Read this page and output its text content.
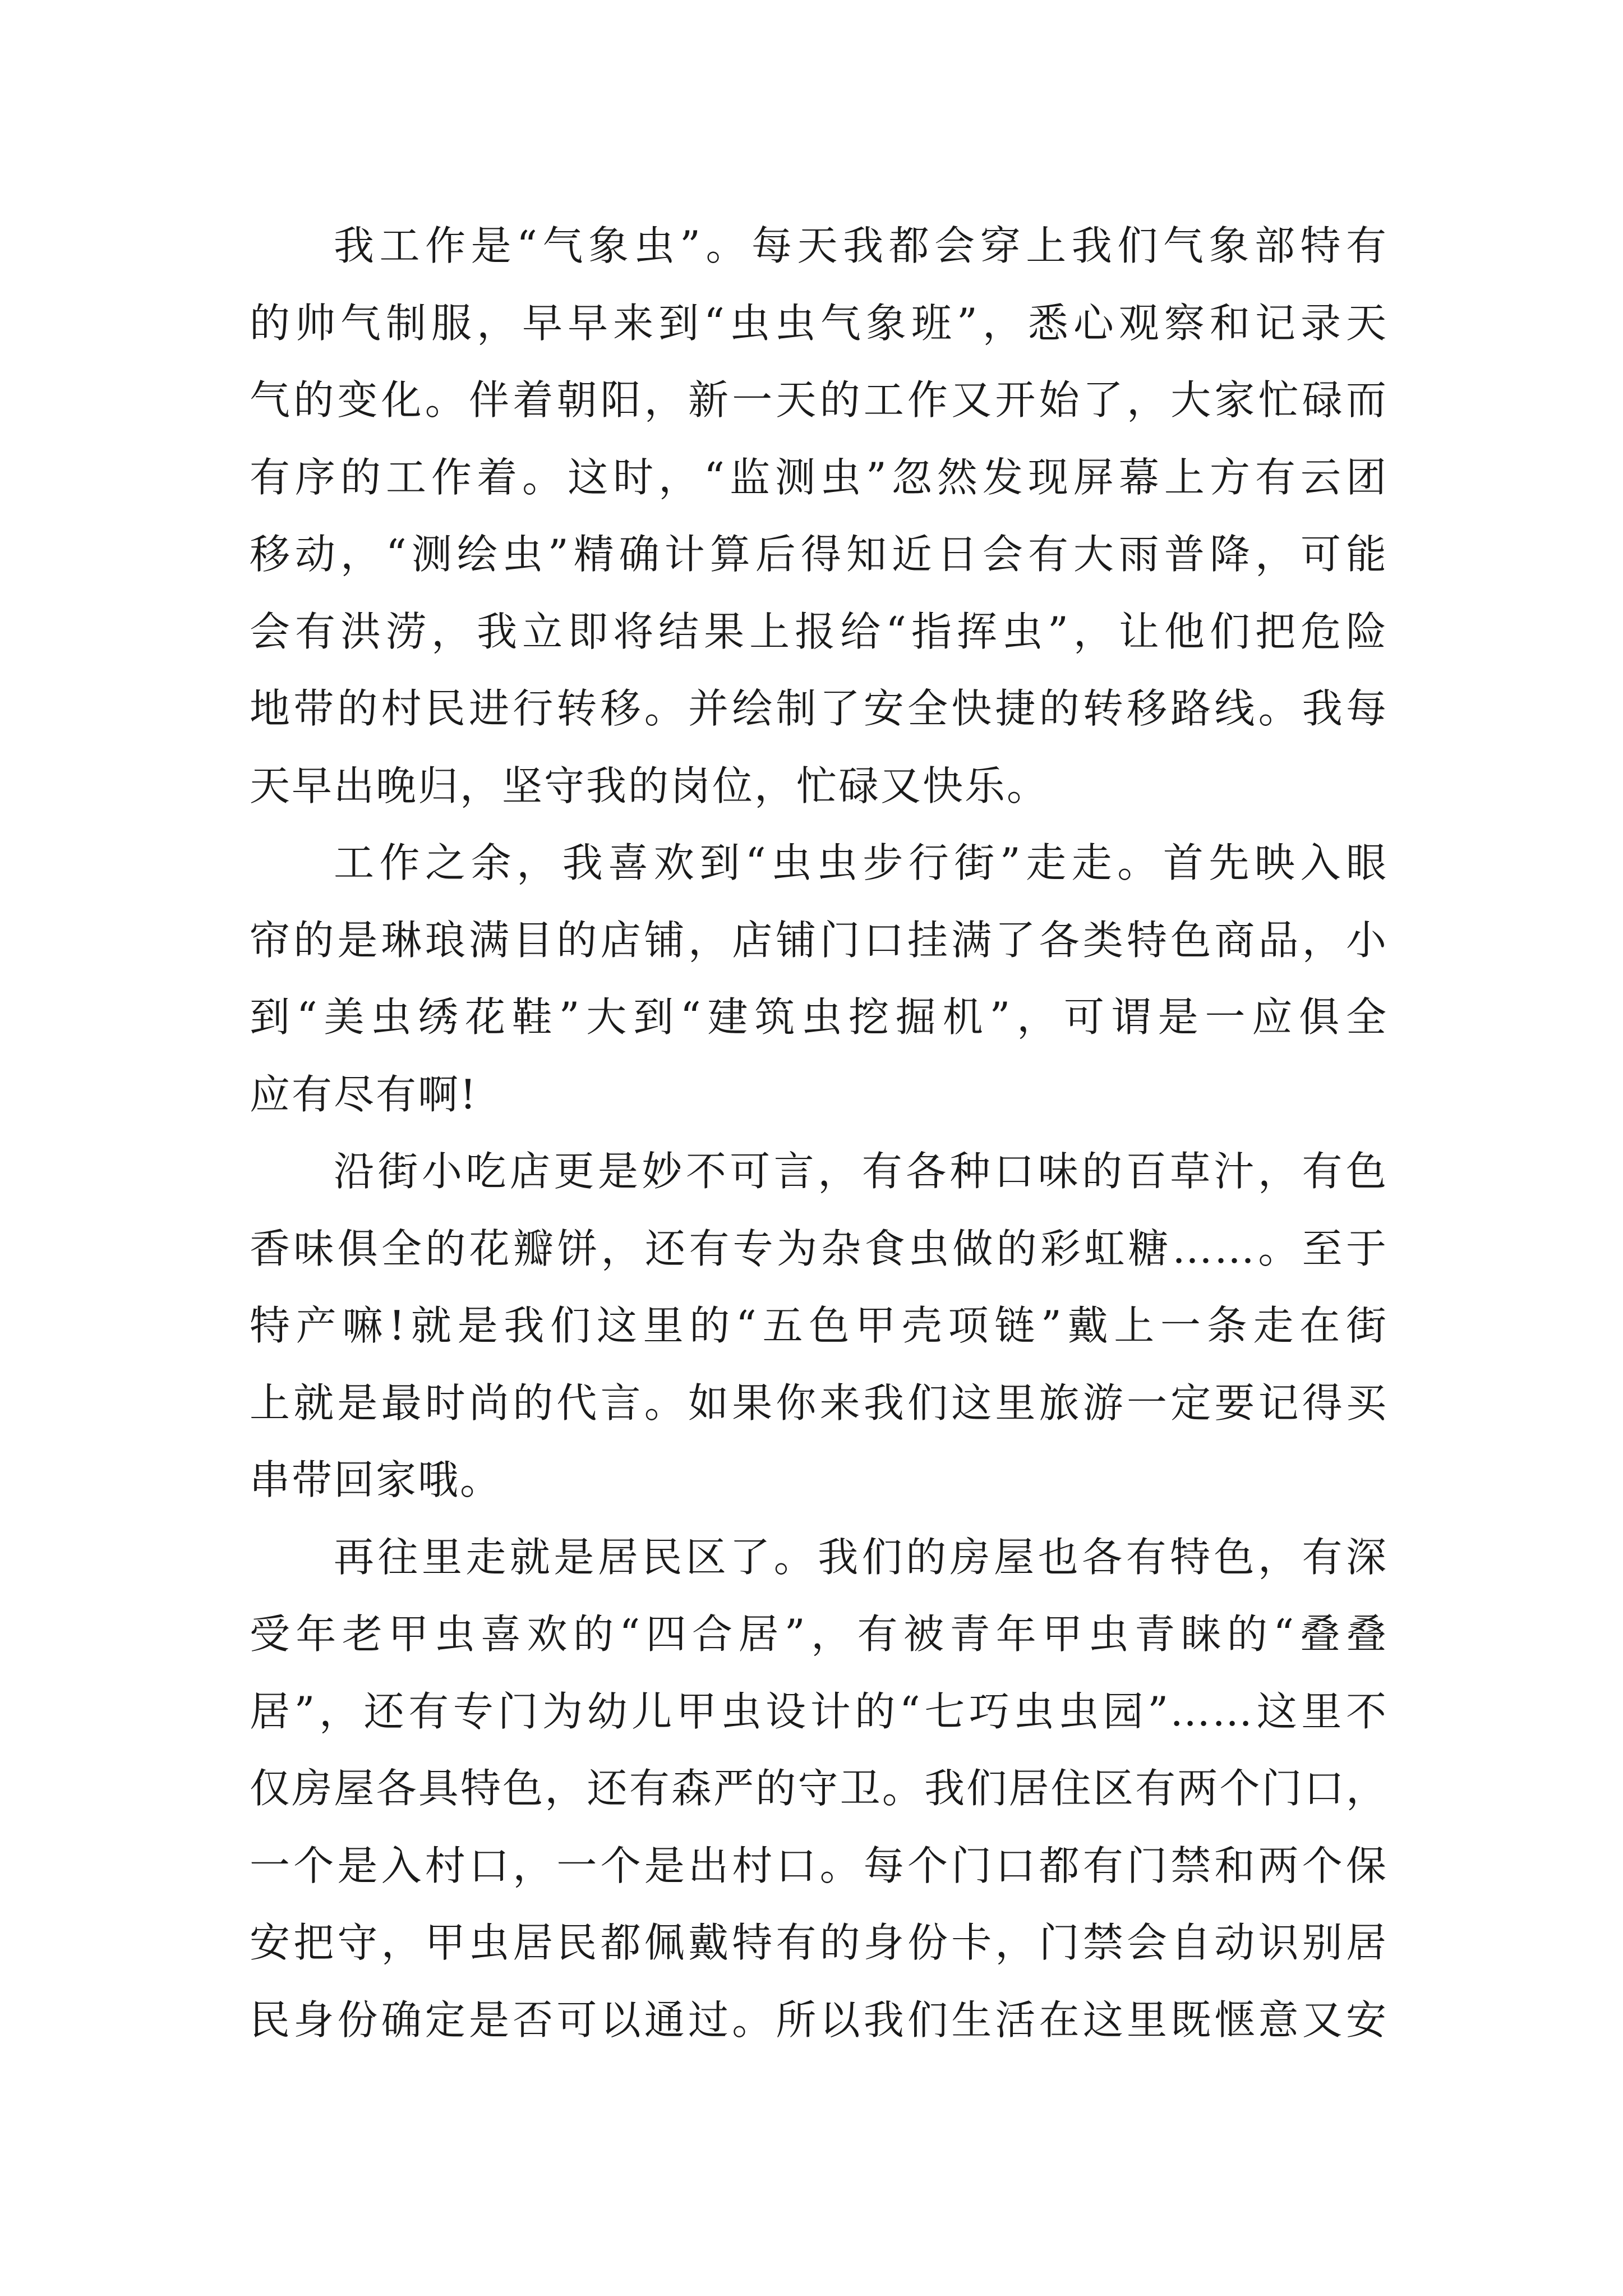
我工作是“气象虫”。每天我都会穿上我们气象部特有
的帅气制服，早早来到“虫虫气象班”，悉心观察和记录天
气的变化。伴着朝阳，新一天的工作又开始了，大家忙碌而
有序的工作着。这时，“监测虫”忽然发现屏幕上方有云团
移动，“测绘虫”精确计算后得知近日会有大雨普降，可能
会有洪涝，我立即将结果上报给“指挥虫”，让他们把危险
地带的村民进行转移。并绘制了安全快捷的转移路线。我每
天早出晚归，坚守我的岗位，忙碌又快乐。
工作之余，我喜欢到“虫虫步行街”走走。首先映入眼
帘的是琳琅满目的店铺，店铺门口挂满了各类特色商品，小
到“美虫绣花鞋”大到“建筑虫挖掘机”，可谓是一应俱全
应有尽有啊!
沿街小吃店更是妙不可言，有各种口味的百草汁，有色
香味俱全的花瓣饼，还有专为杂食虫做的彩虹糖……。至于
特产嘛!就是我们这里的“五色甲壳项链”戴上一条走在街
上就是最时尚的代言。如果你来我们这里旅游一定要记得买
串带回家哦。
再往里走就是居民区了。我们的房屋也各有特色，有深
受年老甲虫喜欢的“四合居”，有被青年甲虫青睐的“叠叠
居”，还有专门为幼儿甲虫设计的“七巧虫虫园”……这里不
仅房屋各具特色，还有森严的守卫。我们居住区有两个门口，
一个是入村口，一个是出村口。每个门口都有门禁和两个保
安把守，甲虫居民都佩戴特有的身份卡，门禁会自动识别居
民身份确定是否可以通过。所以我们生活在这里既惬意又安
